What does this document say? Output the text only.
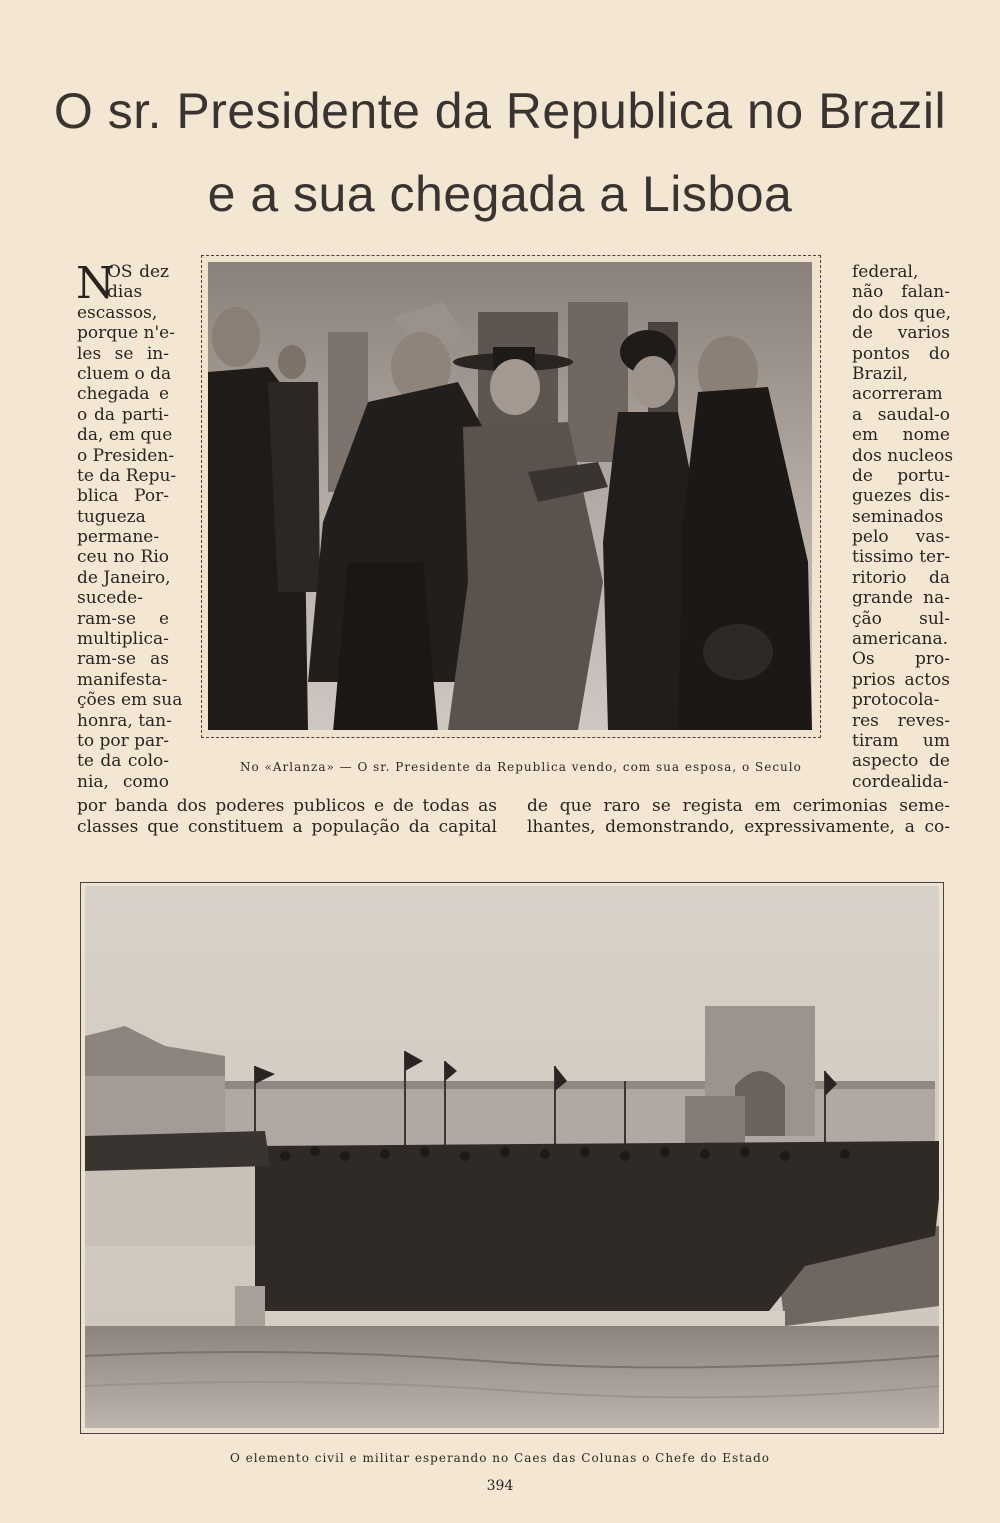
O sr. Presidente da Republica no Brazil
e a sua chegada a Lisboa
N
OS dez
dias
escassos,
porque n'e-
les se in-
cluem o da
chegada e
o da parti-
da, em que
o Presiden-
te da Repu-
blica Por-
tugueza
permane-
ceu no Rio
de Janeiro,
sucede-
ram-se e
multiplica-
ram-se as
manifesta-
ções em sua
honra, tan-
to por par-
te da colo-
nia, como
federal,
não falan-
do dos que,
de varios
pontos do
Brazil,
acorreram
a saudal-o
em nome
dos nucleos
de portu-
guezes dis-
seminados
pelo vas-
tissimo ter-
ritorio da
grande na-
ção sul-
americana.
Os pro-
prios actos
protocola-
res reves-
tiram um
aspecto de
cordealida-
No «Arlanza» — O sr. Presidente da Republica vendo, com sua esposa, o Seculo
por banda dos poderes publicos e de todas as
classes que constituem a população da capital
de que raro se regista em cerimonias seme-
lhantes, demonstrando, expressivamente, a co-
O elemento civil e militar esperando no Caes das Colunas o Chefe do Estado
394
